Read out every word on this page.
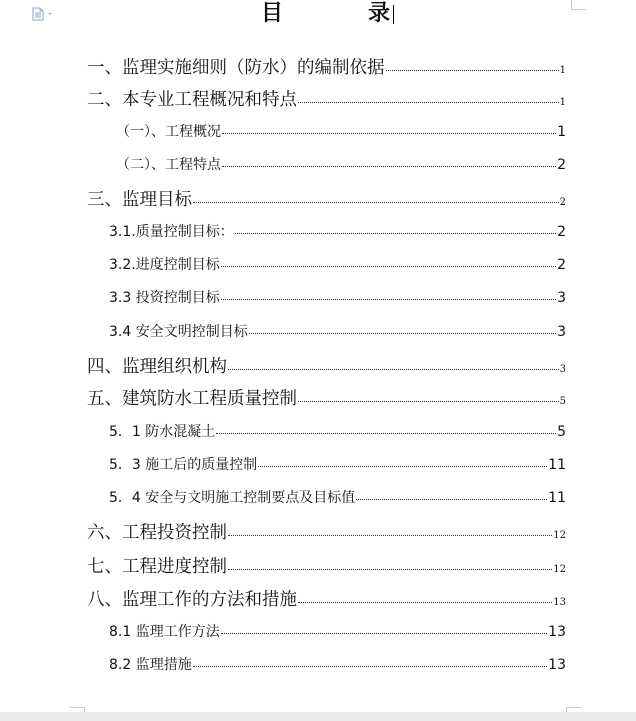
目	录
一、监理实施细则（防水）的编制依据	1
二、本专业工程概况和特点	1
（一）、工程概况	1
（二）、工程特点	2
三、监理目标	2
3.1.质量控制目标：	2
3.2.进度控制目标	2
3.3 投资控制目标	3
3.4 安全文明控制目标	3
四、监理组织机构	3
五、建筑防水工程质量控制	5
5．1 防水混凝土	5
5．3 施工后的质量控制	11
5．4 安全与文明施工控制要点及目标值	11
六、工程投资控制	12
七、工程进度控制	12
八、监理工作的方法和措施	13
8.1 监理工作方法	13
8.2 监理措施	13
